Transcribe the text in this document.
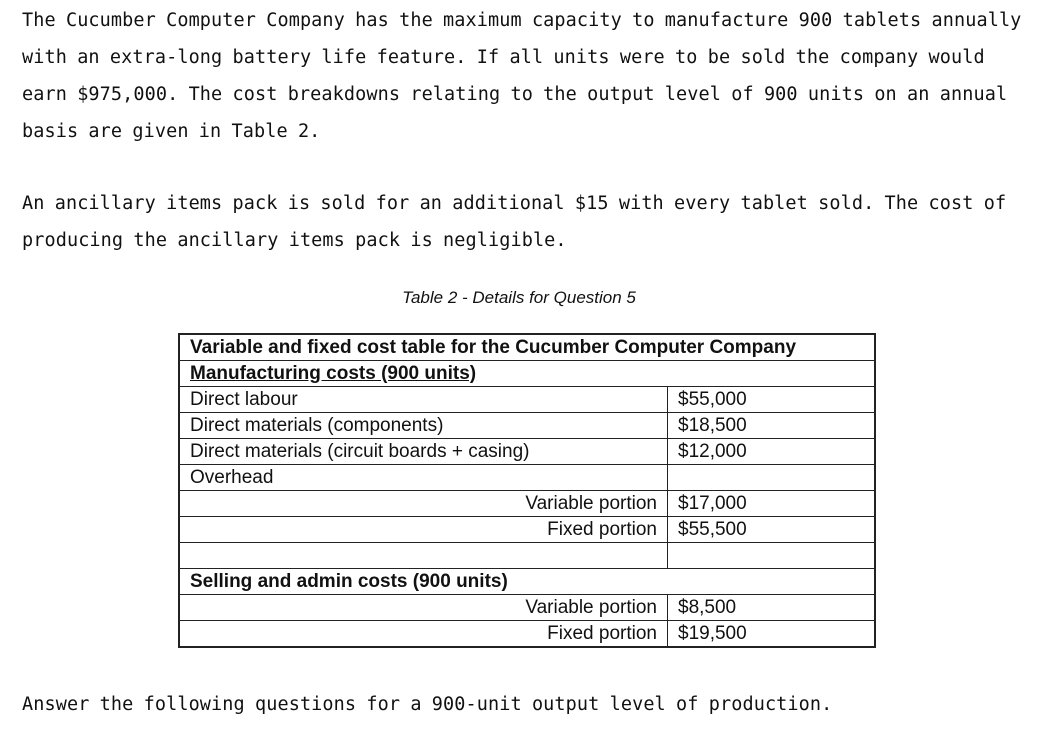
The Cucumber Computer Company has the maximum capacity to manufacture 900 tablets annually with an extra-long battery life feature. If all units were to be sold the company would earn $975,000. The cost breakdowns relating to the output level of 900 units on an annual basis are given in Table 2.

An ancillary items pack is sold for an additional $15 with every tablet sold. The cost of producing the ancillary items pack is negligible.

Table 2 - Details for Question 5

Variable and fixed cost table for the Cucumber Computer Company	
Manufacturing costs (900 units)	
Direct labour	$55,000
Direct materials (components)	$18,500
Direct materials (circuit boards + casing)	$12,000
Overhead	
Variable portion	$17,000
Fixed portion	$55,500

Selling and admin costs (900 units)	
Variable portion	$8,500
Fixed portion	$19,500

Answer the following questions for a 900-unit output level of production.
